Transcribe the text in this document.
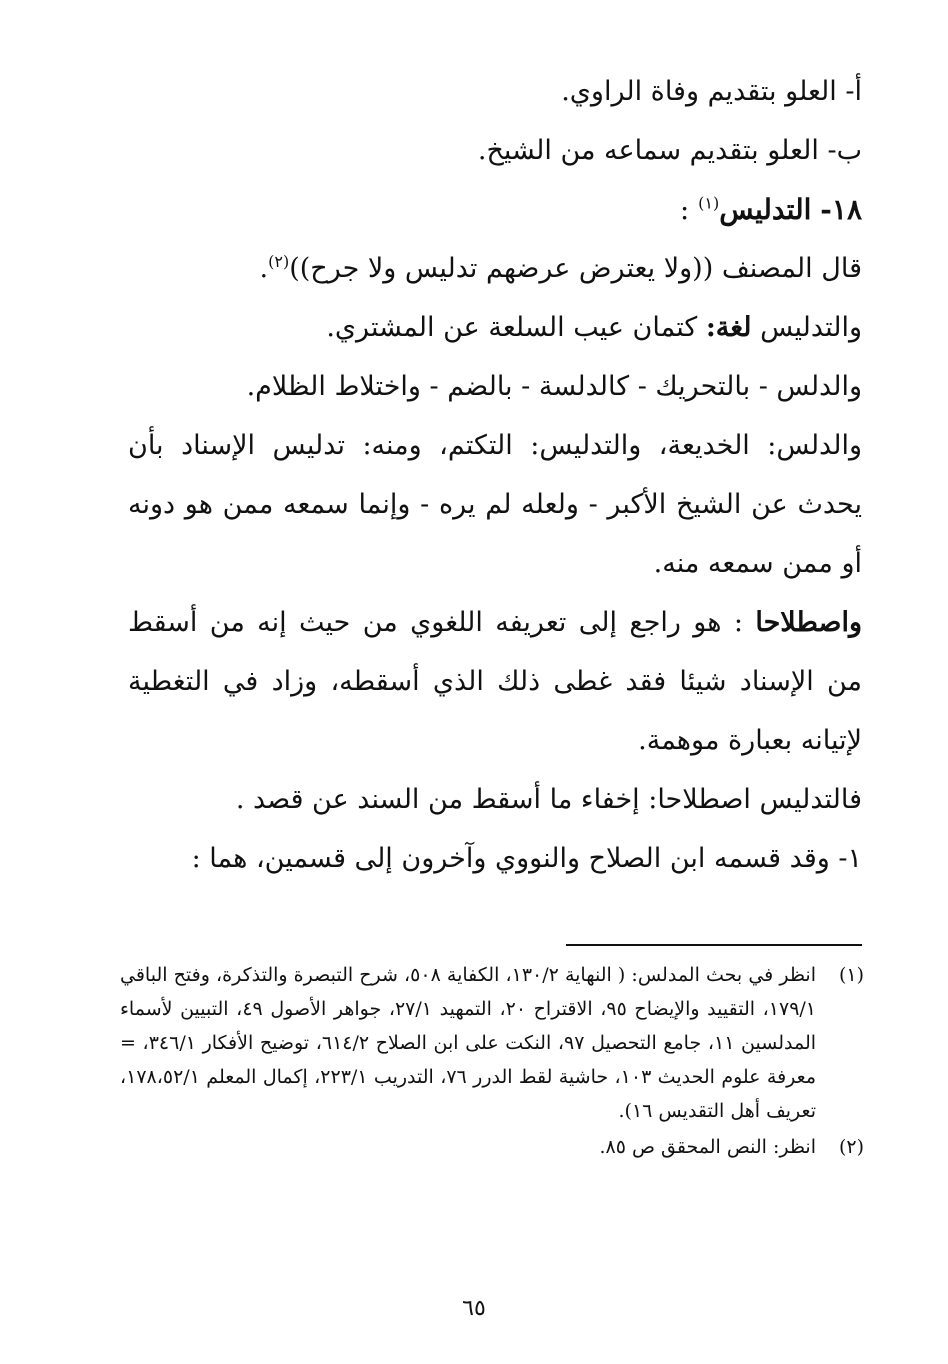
أ- العلو بتقديم وفاة الراوي.

ب- العلو بتقديم سماعه من الشيخ.

١٨- التدليس$^{(١)}$ :

قال المصنف ((ولا يعترض عرضهم تدليس ولا جرح))$^{(٢)}$.

والتدليس لغة: كتمان عيب السلعة عن المشتري.

والدلس - بالتحريك - كالدلسة - بالضم - واختلاط الظلام.

والدلس: الخديعة، والتدليس: التكتم، ومنه: تدليس الإسناد بأن يحدث عن الشيخ الأكبر - ولعله لم يره - وإنما سمعه ممن هو دونه أو ممن سمعه منه.

واصطلاحا : هو راجع إلى تعريفه اللغوي من حيث إنه من أسقط من الإسناد شيئا فقد غطى ذلك الذي أسقطه، وزاد في التغطية لإتيانه بعبارة موهمة.

فالتدليس اصطلاحا: إخفاء ما أسقط من السند عن قصد .

١- وقد قسمه ابن الصلاح والنووي وآخرون إلى قسمين، هما :

(١)
انظر في بحث المدلس: ( النهاية ١٣٠/٢، الكفاية ٥٠٨، شرح التبصرة والتذكرة، وفتح الباقي ١٧٩/١، التقييد والإيضاح ٩٥، الاقتراح ٢٠، التمهيد ٢٧/١، جواهر الأصول ٤٩، التبيين لأسماء المدلسين ١١، جامع التحصيل ٩٧، النكت على ابن الصلاح ٦١٤/٢، توضيح الأفكار ٣٤٦/١، = معرفة علوم الحديث ١٠٣، حاشية لقط الدرر ٧٦، التدريب ٢٢٣/١، إكمال المعلم ١٧٨،٥٢/١، تعريف أهل التقديس ١٦).
(٢)
انظر: النص المحقق ص ٨٥.
٦٥
